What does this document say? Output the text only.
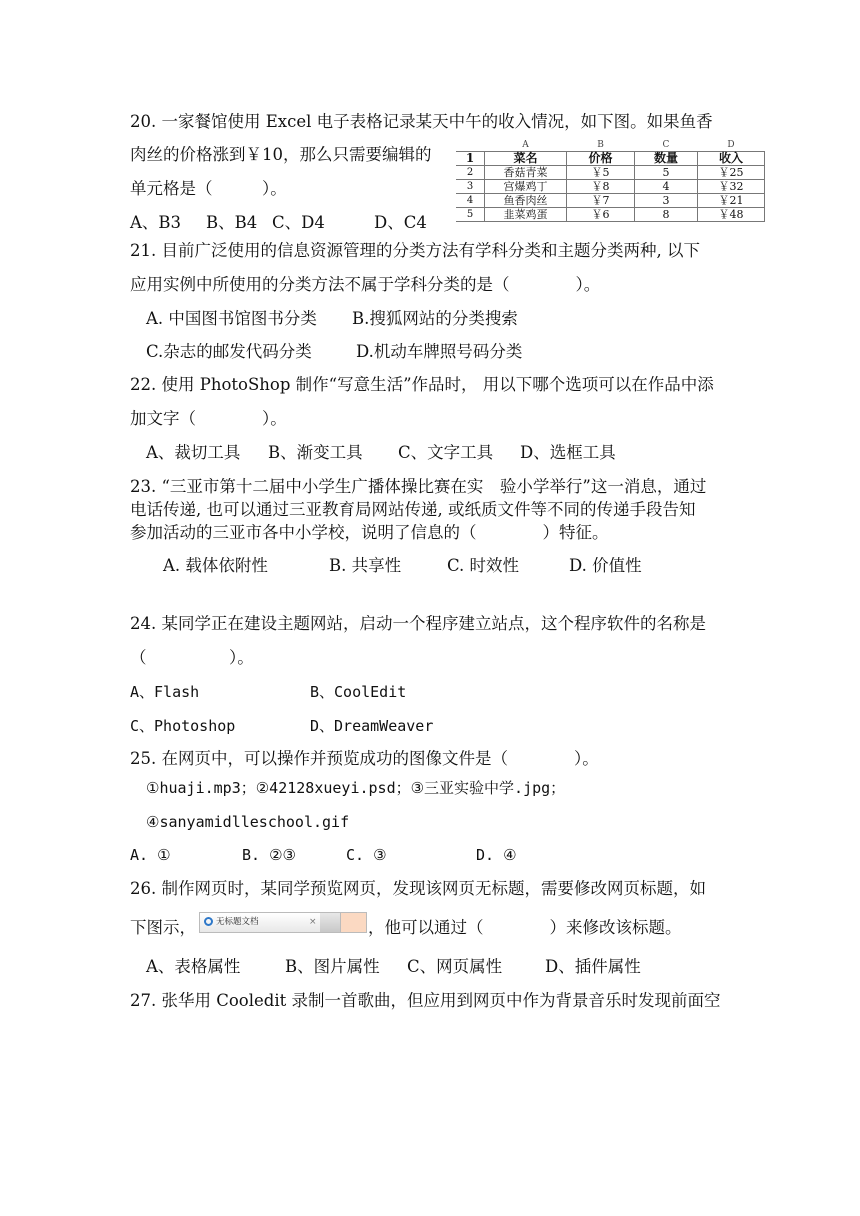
20. 一家餐馆使用 Excel 电子表格记录某天中午的收入情况，如下图。如果鱼香
肉丝的价格涨到￥10，那么只需要编辑的
单元格是（　　　）。
A、B3 B、B4 C、D4	D、C4
	A	B	C	D
1	菜名	价格	数量	收入
2	香菇青菜	￥5	5	￥25
3	宫爆鸡丁	￥8	4	￥32
4	鱼香肉丝	￥7	3	￥21
5	韭菜鸡蛋	￥6	8	￥48
21. 目前广泛使用的信息资源管理的分类方法有学科分类和主题分类两种, 以下
应用实例中所使用的分类方法不属于学科分类的是（　　　　）。
A. 中国图书馆图书分类 B.搜狐网站的分类搜索
C.杂志的邮发代码分类	D.机动车牌照号码分类
22. 使用 PhotoShop 制作“写意生活”作品时， 用以下哪个选项可以在作品中添
加文字（　　　　）。
A、裁切工具 B、渐变工具 C、文字工具 D、选框工具
23. “三亚市第十二届中小学生广播体操比赛在实　验小学举行”这一消息，通过
电话传递, 也可以通过三亚教育局网站传递, 或纸质文件等不同的传递手段告知
参加活动的三亚市各中小学校，说明了信息的（　　　　）特征。
A. 载体依附性	B. 共享性	C. 时效性	D. 价值性
24. 某同学正在建设主题网站，启动一个程序建立站点，这个程序软件的名称是
（　　　　　）。
A、Flash	B、CoolEdit
C、Photoshop	D、DreamWeaver
25. 在网页中，可以操作并预览成功的图像文件是（　　　　）。
①huaji.mp3；②42128xueyi.psd；③三亚实验中学.jpg；
④sanyamidlleschool.gif
A. ①	B. ②③	C. ③	D. ④
26. 制作网页时，某同学预览网页，发现该网页无标题，需要修改网页标题，如
下图示， 无标题文档	×	，他可以通过（　　　　）来修改该标题。
A、表格属性	B、图片属性 C、网页属性	D、插件属性
27. 张华用 Cooledit 录制一首歌曲，但应用到网页中作为背景音乐时发现前面空
